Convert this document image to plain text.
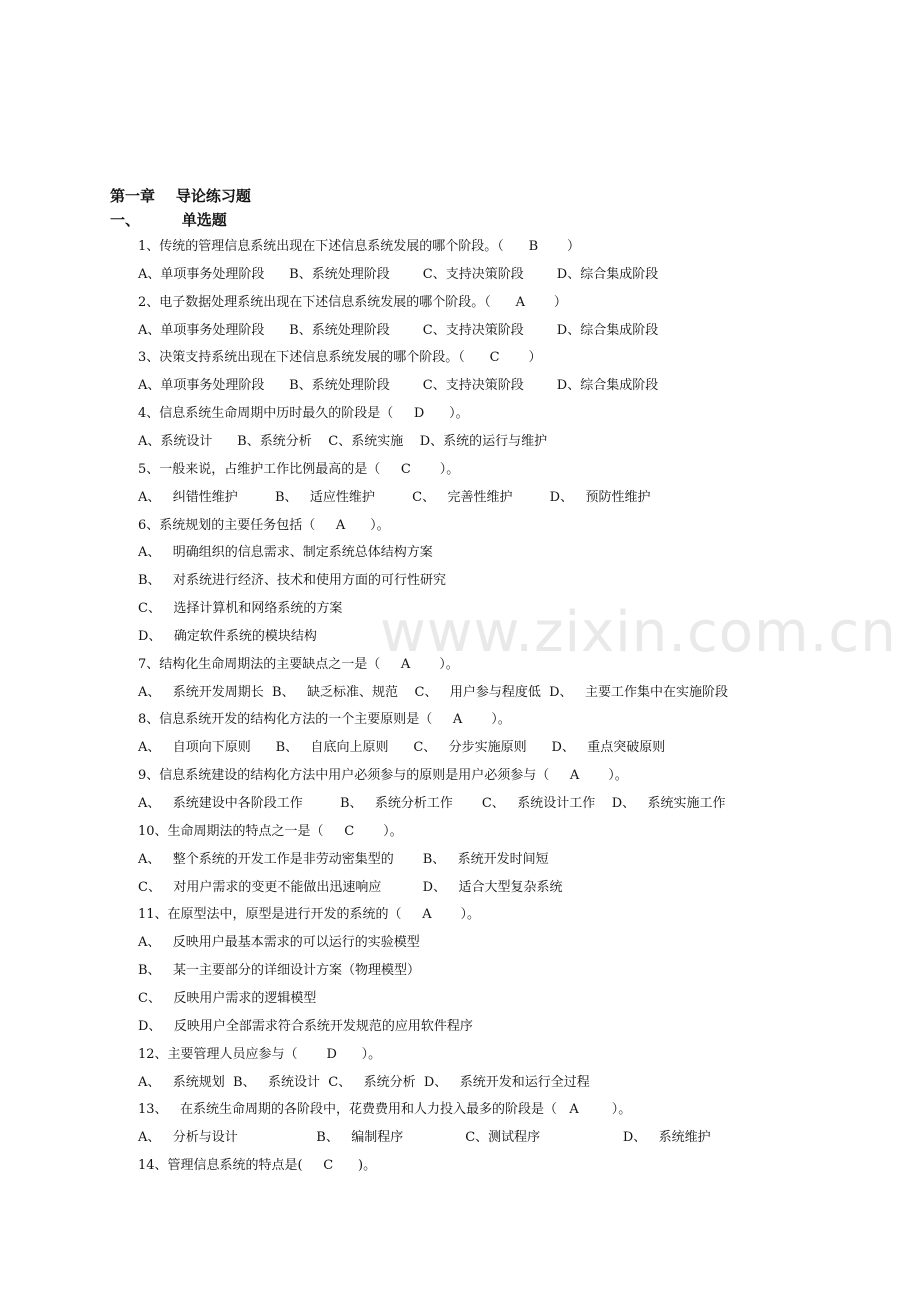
www.zixin.com.cn
第一章    导论练习题
一、        单选题
1、传统的管理信息系统出现在下述信息系统发展的哪个阶段。（      B       ）
A、单项事务处理阶段      B、系统处理阶段        C、支持决策阶段        D、综合集成阶段
2、电子数据处理系统出现在下述信息系统发展的哪个阶段。（      A       ）
A、单项事务处理阶段      B、系统处理阶段        C、支持决策阶段        D、综合集成阶段
3、决策支持系统出现在下述信息系统发展的哪个阶段。（      C       ）
A、单项事务处理阶段      B、系统处理阶段        C、支持决策阶段        D、综合集成阶段
4、信息系统生命周期中历时最久的阶段是（     D      ）。
A、系统设计      B、系统分析    C、系统实施    D、系统的运行与维护
5、一般来说，占维护工作比例最高的是（     C       ）。
A、   纠错性维护         B、   适应性维护         C、   完善性维护         D、   预防性维护
6、系统规划的主要任务包括（     A      ）。
A、   明确组织的信息需求、制定系统总体结构方案
B、   对系统进行经济、技术和使用方面的可行性研究
C、   选择计算机和网络系统的方案
D、   确定软件系统的模块结构
7、结构化生命周期法的主要缺点之一是（     A       ）。
A、   系统开发周期长  B、   缺乏标准、规范    C、   用户参与程度低  D、   主要工作集中在实施阶段
8、信息系统开发的结构化方法的一个主要原则是（     A       ）。
A、   自项向下原则      B、   自底向上原则      C、   分步实施原则      D、   重点突破原则
9、信息系统建设的结构化方法中用户必须参与的原则是用户必须参与（     A       ）。
A、   系统建设中各阶段工作         B、   系统分析工作       C、   系统设计工作    D、   系统实施工作
10、生命周期法的特点之一是（     C       ）。
A、   整个系统的开发工作是非劳动密集型的       B、   系统开发时间短
C、   对用户需求的变更不能做出迅速响应          D、   适合大型复杂系统
11、在原型法中，原型是进行开发的系统的（     A       ）。
A、   反映用户最基本需求的可以运行的实验模型
B、   某一主要部分的详细设计方案（物理模型）
C、   反映用户需求的逻辑模型
D、   反映用户全部需求符合系统开发规范的应用软件程序
12、主要管理人员应参与（       D      ）。
A、   系统规划  B、   系统设计  C、   系统分析  D、   系统开发和运行全过程
13、   在系统生命周期的各阶段中，花费费用和人力投入最多的阶段是（   A        ）。
A、   分析与设计                   B、   编制程序               C、测试程序                    D、   系统维护
14、管理信息系统的特点是(     C      )。
